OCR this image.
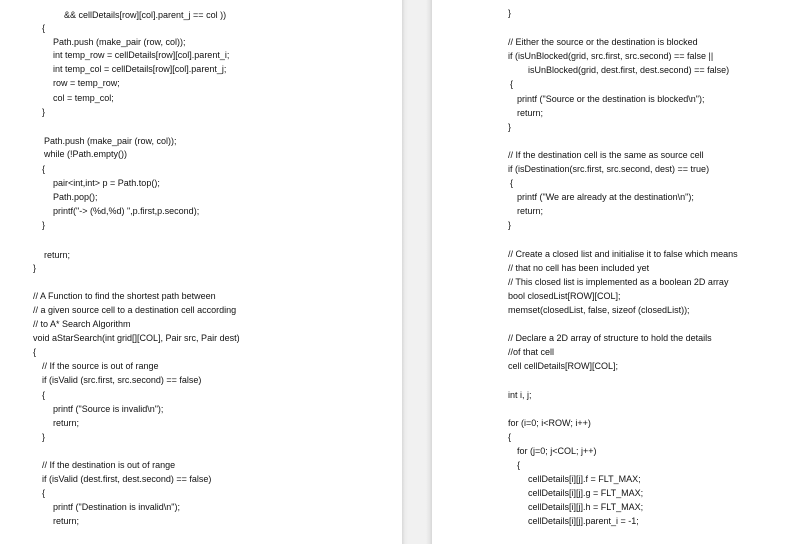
&& cellDetails[row][col].parent_j == col ))
{
Path.push (make_pair (row, col));
int temp_row = cellDetails[row][col].parent_i;
int temp_col = cellDetails[row][col].parent_j;
row = temp_row;
col = temp_col;
}
Path.push (make_pair (row, col));
while (!Path.empty())
{
pair<int,int> p = Path.top();
Path.pop();
printf("-> (%d,%d) ",p.first,p.second);
}
return;
}
// A Function to find the shortest path between
// a given source cell to a destination cell according
// to A* Search Algorithm
void aStarSearch(int grid[][COL], Pair src, Pair dest)
{
// If the source is out of range
if (isValid (src.first, src.second) == false)
{
printf ("Source is invalid\n");
return;
}
// If the destination is out of range
if (isValid (dest.first, dest.second) == false)
{
printf ("Destination is invalid\n");
return;
}
// Either the source or the destination is blocked
if (isUnBlocked(grid, src.first, src.second) == false ||
isUnBlocked(grid, dest.first, dest.second) == false)
{
printf ("Source or the destination is blocked\n");
return;
}
// If the destination cell is the same as source cell
if (isDestination(src.first, src.second, dest) == true)
{
printf ("We are already at the destination\n");
return;
}
// Create a closed list and initialise it to false which means
// that no cell has been included yet
// This closed list is implemented as a boolean 2D array
bool closedList[ROW][COL];
memset(closedList, false, sizeof (closedList));
// Declare a 2D array of structure to hold the details
//of that cell
cell cellDetails[ROW][COL];
int i, j;
for (i=0; i<ROW; i++)
{
for (j=0; j<COL; j++)
{
cellDetails[i][j].f = FLT_MAX;
cellDetails[i][j].g = FLT_MAX;
cellDetails[i][j].h = FLT_MAX;
cellDetails[i][j].parent_i = -1;
